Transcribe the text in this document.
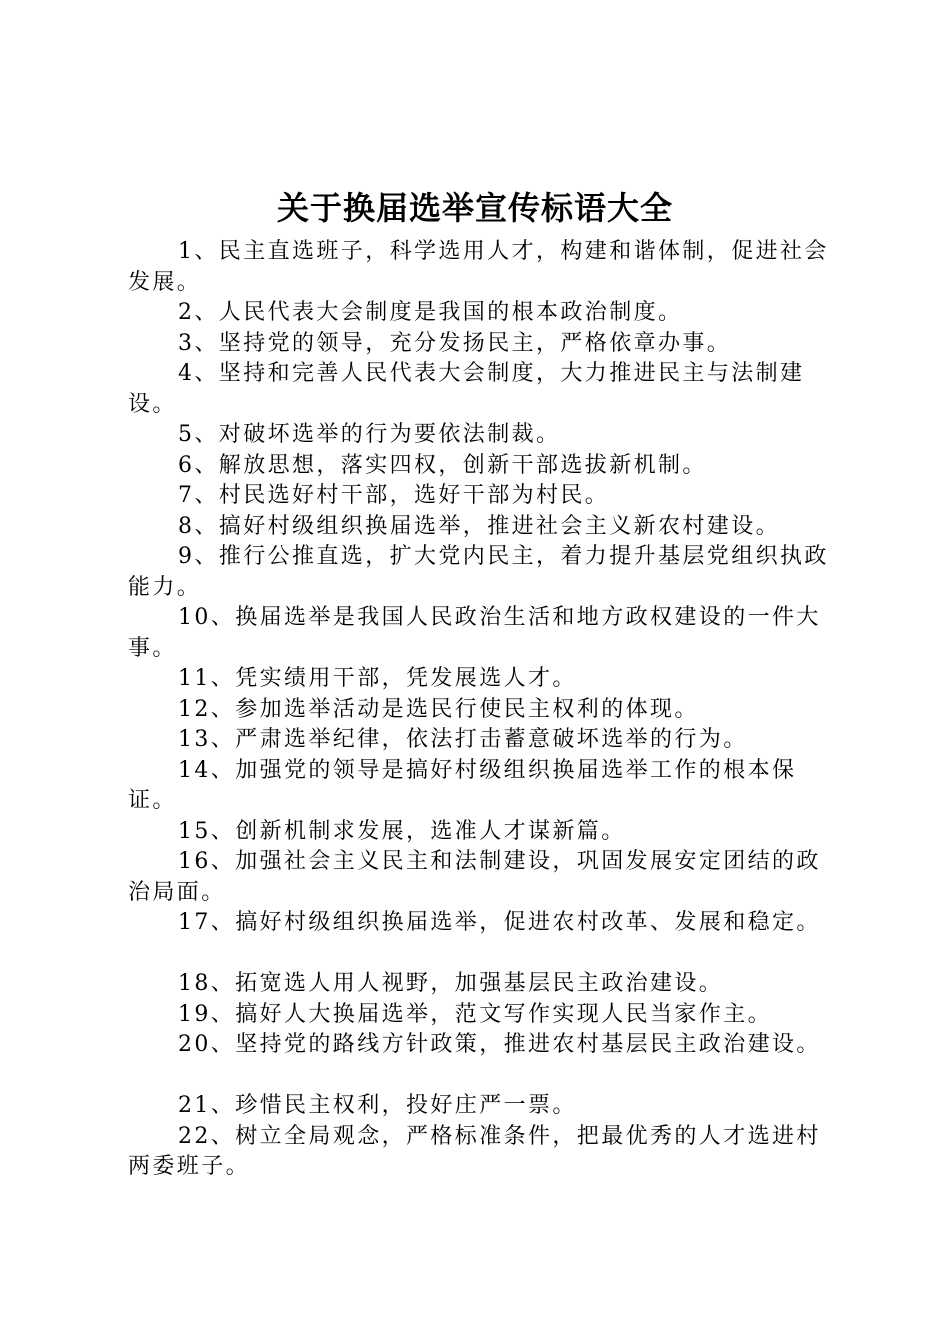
关于换届选举宣传标语大全

1、民主直选班子，科学选用人才，构建和谐体制，促进社会发展。

2、人民代表大会制度是我国的根本政治制度。

3、坚持党的领导，充分发扬民主，严格依章办事。

4、坚持和完善人民代表大会制度，大力推进民主与法制建设。

5、对破坏选举的行为要依法制裁。

6、解放思想，落实四权，创新干部选拔新机制。

7、村民选好村干部，选好干部为村民。

8、搞好村级组织换届选举，推进社会主义新农村建设。

9、推行公推直选，扩大党内民主，着力提升基层党组织执政能力。

10、换届选举是我国人民政治生活和地方政权建设的一件大事。

11、凭实绩用干部，凭发展选人才。

12、参加选举活动是选民行使民主权利的体现。

13、严肃选举纪律，依法打击蓄意破坏选举的行为。

14、加强党的领导是搞好村级组织换届选举工作的根本保证。

15、创新机制求发展，选准人才谋新篇。

16、加强社会主义民主和法制建设，巩固发展安定团结的政治局面。

17、搞好村级组织换届选举，促进农村改革、发展和稳定。

18、拓宽选人用人视野，加强基层民主政治建设。

19、搞好人大换届选举，范文写作实现人民当家作主。

20、坚持党的路线方针政策，推进农村基层民主政治建设。

21、珍惜民主权利，投好庄严一票。

22、树立全局观念，严格标准条件，把最优秀的人才选进村两委班子。
